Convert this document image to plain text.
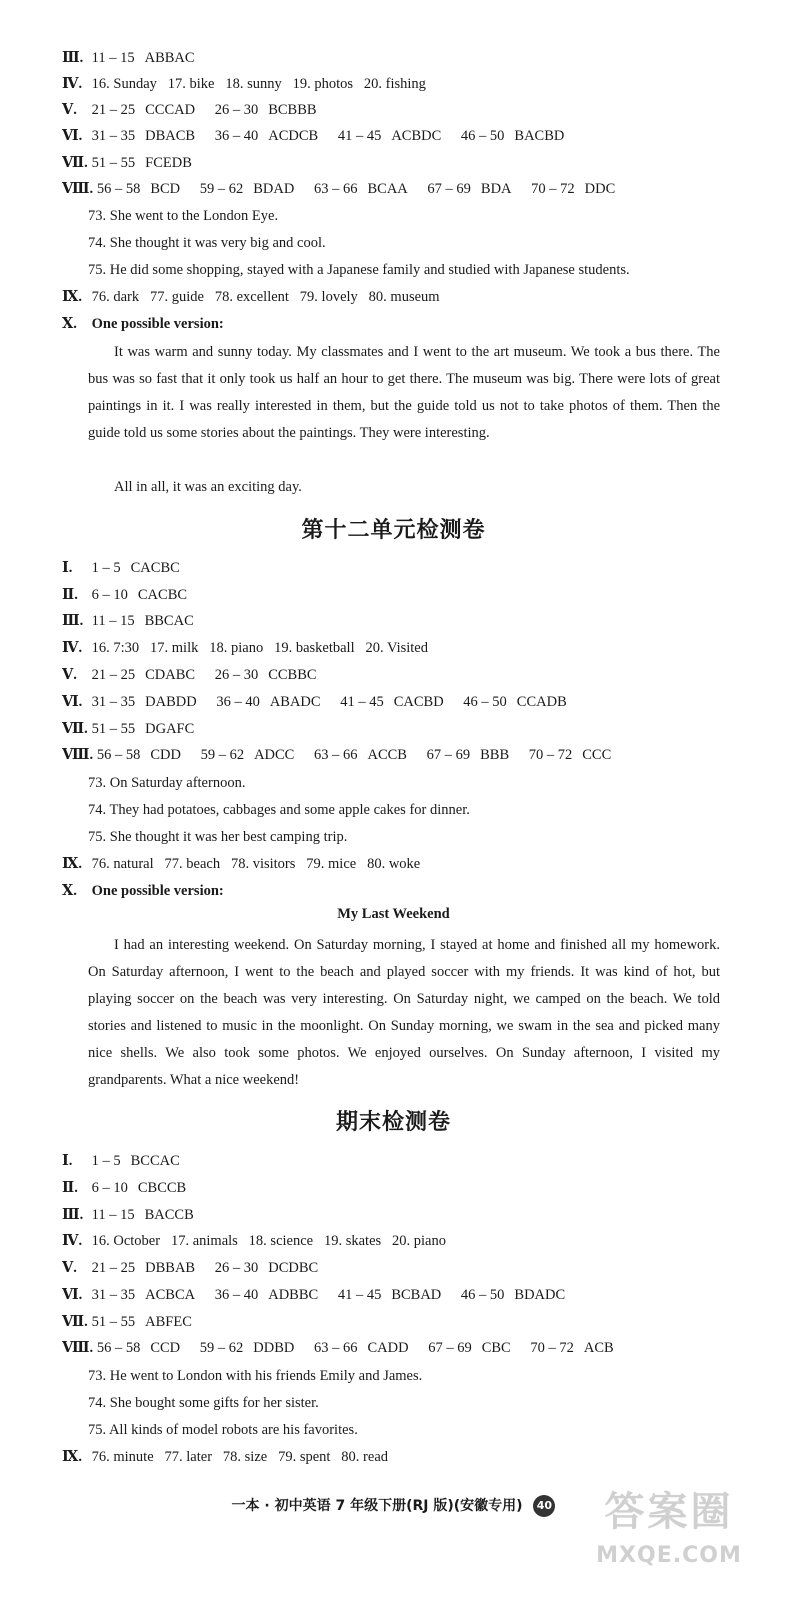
Ⅲ. 11 – 15 ABBAC
Ⅳ. 16. Sunday   17. bike   18. sunny   19. photos   20. fishing
Ⅴ. 21 – 25 CCCAD 26 – 30 BCBBB
Ⅵ. 31 – 35 DBACB 36 – 40 ACDCB 41 – 45 ACBDC 46 – 50 BACBD
Ⅶ. 51 – 55 FCEDB
Ⅷ. 56 – 58 BCD 59 – 62 BDAD 63 – 66 BCAA 67 – 69 BDA 70 – 72 DDC
73. She went to the London Eye.
74. She thought it was very big and cool.
75. He did some shopping, stayed with a Japanese family and studied with Japanese students.
Ⅸ. 76. dark   77. guide   78. excellent   79. lovely   80. museum
Ⅹ. One possible version:
It was warm and sunny today. My classmates and I went to the art museum. We took a bus there. The bus was so fast that it only took us half an hour to get there. The museum was big. There were lots of great paintings in it. I was really interested in them, but the guide told us not to take photos of them. Then the guide told us some stories about the paintings. They were interesting.
All in all, it was an exciting day.
第十二单元检测卷
Ⅰ. 1 – 5 CACBC
Ⅱ. 6 – 10 CACBC
Ⅲ. 11 – 15 BBCAC
Ⅳ. 16. 7:30   17. milk   18. piano   19. basketball   20. Visited
Ⅴ. 21 – 25 CDABC 26 – 30 CCBBC
Ⅵ. 31 – 35 DABDD 36 – 40 ABADC 41 – 45 CACBD 46 – 50 CCADB
Ⅶ. 51 – 55 DGAFC
Ⅷ. 56 – 58 CDD 59 – 62 ADCC 63 – 66 ACCB 67 – 69 BBB 70 – 72 CCC
73. On Saturday afternoon.
74. They had potatoes, cabbages and some apple cakes for dinner.
75. She thought it was her best camping trip.
Ⅸ. 76. natural   77. beach   78. visitors   79. mice   80. woke
Ⅹ. One possible version:
My Last Weekend
I had an interesting weekend. On Saturday morning, I stayed at home and finished all my homework. On Saturday afternoon, I went to the beach and played soccer with my friends. It was kind of hot, but playing soccer on the beach was very interesting. On Saturday night, we camped on the beach. We told stories and listened to music in the moonlight. On Sunday morning, we swam in the sea and picked many nice shells. We also took some photos. We enjoyed ourselves. On Sunday afternoon, I visited my grandparents. What a nice weekend!
期末检测卷
Ⅰ. 1 – 5 BCCAC
Ⅱ. 6 – 10 CBCCB
Ⅲ. 11 – 15 BACCB
Ⅳ. 16. October   17. animals   18. science   19. skates   20. piano
Ⅴ. 21 – 25 DBBAB 26 – 30 DCDBC
Ⅵ. 31 – 35 ACBCA 36 – 40 ADBBC 41 – 45 BCBAD 46 – 50 BDADC
Ⅶ. 51 – 55 ABFEC
Ⅷ. 56 – 58 CCD 59 – 62 DDBD 63 – 66 CADD 67 – 69 CBC 70 – 72 ACB
73. He went to London with his friends Emily and James.
74. She bought some gifts for her sister.
75. All kinds of model robots are his favorites.
Ⅸ. 76. minute   77. later   78. size   79. spent   80. read
一本 · 初中英语 7 年级下册(RJ 版)(安徽专用) 40	答案圈
MXQE.COM
